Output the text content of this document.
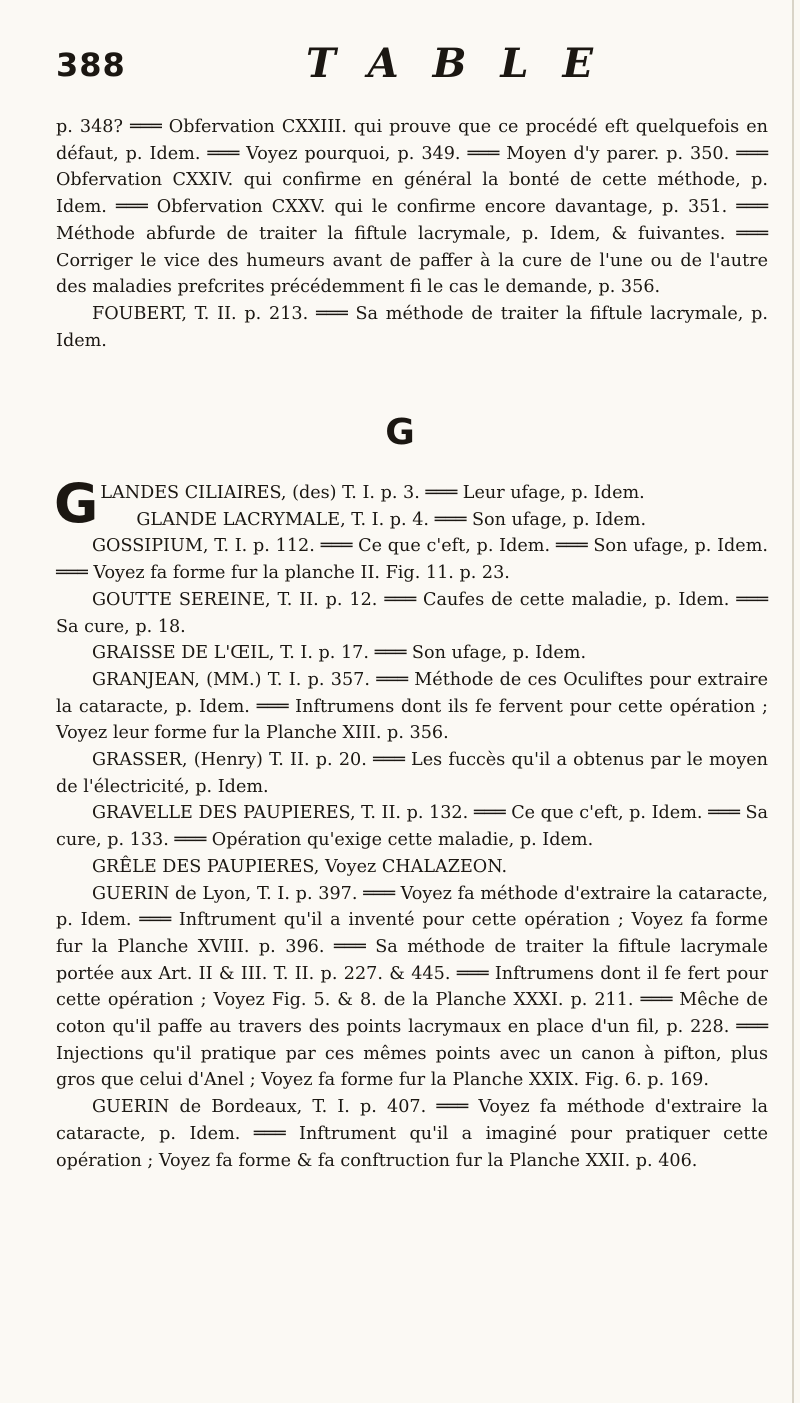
388	TABLE

p. 348? ═══ Obfervation CXXIII. qui prouve que ce procédé eft quelquefois en défaut, p. Idem. ═══ Voyez pourquoi, p. 349. ═══ Moyen d'y parer. p. 350. ═══ Obfervation CXXIV. qui confirme en général la bonté de cette méthode, p. Idem. ═══ Obfervation CXXV. qui le confirme encore davantage, p. 351. ═══ Méthode abfurde de traiter la fiftule lacrymale, p. Idem, & fuivantes. ═══ Corriger le vice des humeurs avant de paffer à la cure de l'une ou de l'autre des maladies prefcrites précédemment fi le cas le demande, p. 356.

FOUBERT, T. II. p. 213. ═══ Sa méthode de traiter la fiftule lacrymale, p. Idem.

G

GLANDES CILIAIRES, (des) T. I. p. 3. ═══ Leur ufage, p. Idem.

GLANDE LACRYMALE, T. I. p. 4. ═══ Son ufage, p. Idem.

GOSSIPIUM, T. I. p. 112. ═══ Ce que c'eft, p. Idem. ═══ Son ufage, p. Idem. ═══ Voyez fa forme fur la planche II. Fig. 11. p. 23.

GOUTTE SEREINE, T. II. p. 12. ═══ Caufes de cette maladie, p. Idem. ═══ Sa cure, p. 18.

GRAISSE DE L'ŒIL, T. I. p. 17. ═══ Son ufage, p. Idem.

GRANJEAN, (MM.) T. I. p. 357. ═══ Méthode de ces Oculiftes pour extraire la cataracte, p. Idem. ═══ Inftrumens dont ils fe fervent pour cette opération ; Voyez leur forme fur la Planche XIII. p. 356.

GRASSER, (Henry) T. II. p. 20. ═══ Les fuccès qu'il a obtenus par le moyen de l'électricité, p. Idem.

GRAVELLE DES PAUPIERES, T. II. p. 132. ═══ Ce que c'eft, p. Idem. ═══ Sa cure, p. 133. ═══ Opération qu'exige cette maladie, p. Idem.

GRÊLE DES PAUPIERES, Voyez CHALAZEON.

GUERIN de Lyon, T. I. p. 397. ═══ Voyez fa méthode d'extraire la cataracte, p. Idem. ═══ Inftrument qu'il a inventé pour cette opération ; Voyez fa forme fur la Planche XVIII. p. 396. ═══ Sa méthode de traiter la fiftule lacrymale portée aux Art. II & III. T. II. p. 227. & 445. ═══ Inftrumens dont il fe fert pour cette opération ; Voyez Fig. 5. & 8. de la Planche XXXI. p. 211. ═══ Mêche de coton qu'il paffe au travers des points lacrymaux en place d'un fil, p. 228. ═══ Injections qu'il pratique par ces mêmes points avec un canon à pifton, plus gros que celui d'Anel ; Voyez fa forme fur la Planche XXIX. Fig. 6. p. 169.

GUERIN de Bordeaux, T. I. p. 407. ═══ Voyez fa méthode d'extraire la cataracte, p. Idem. ═══ Inftrument qu'il a imaginé pour pratiquer cette opération ; Voyez fa forme & fa conftruction fur la Planche XXII. p. 406.
